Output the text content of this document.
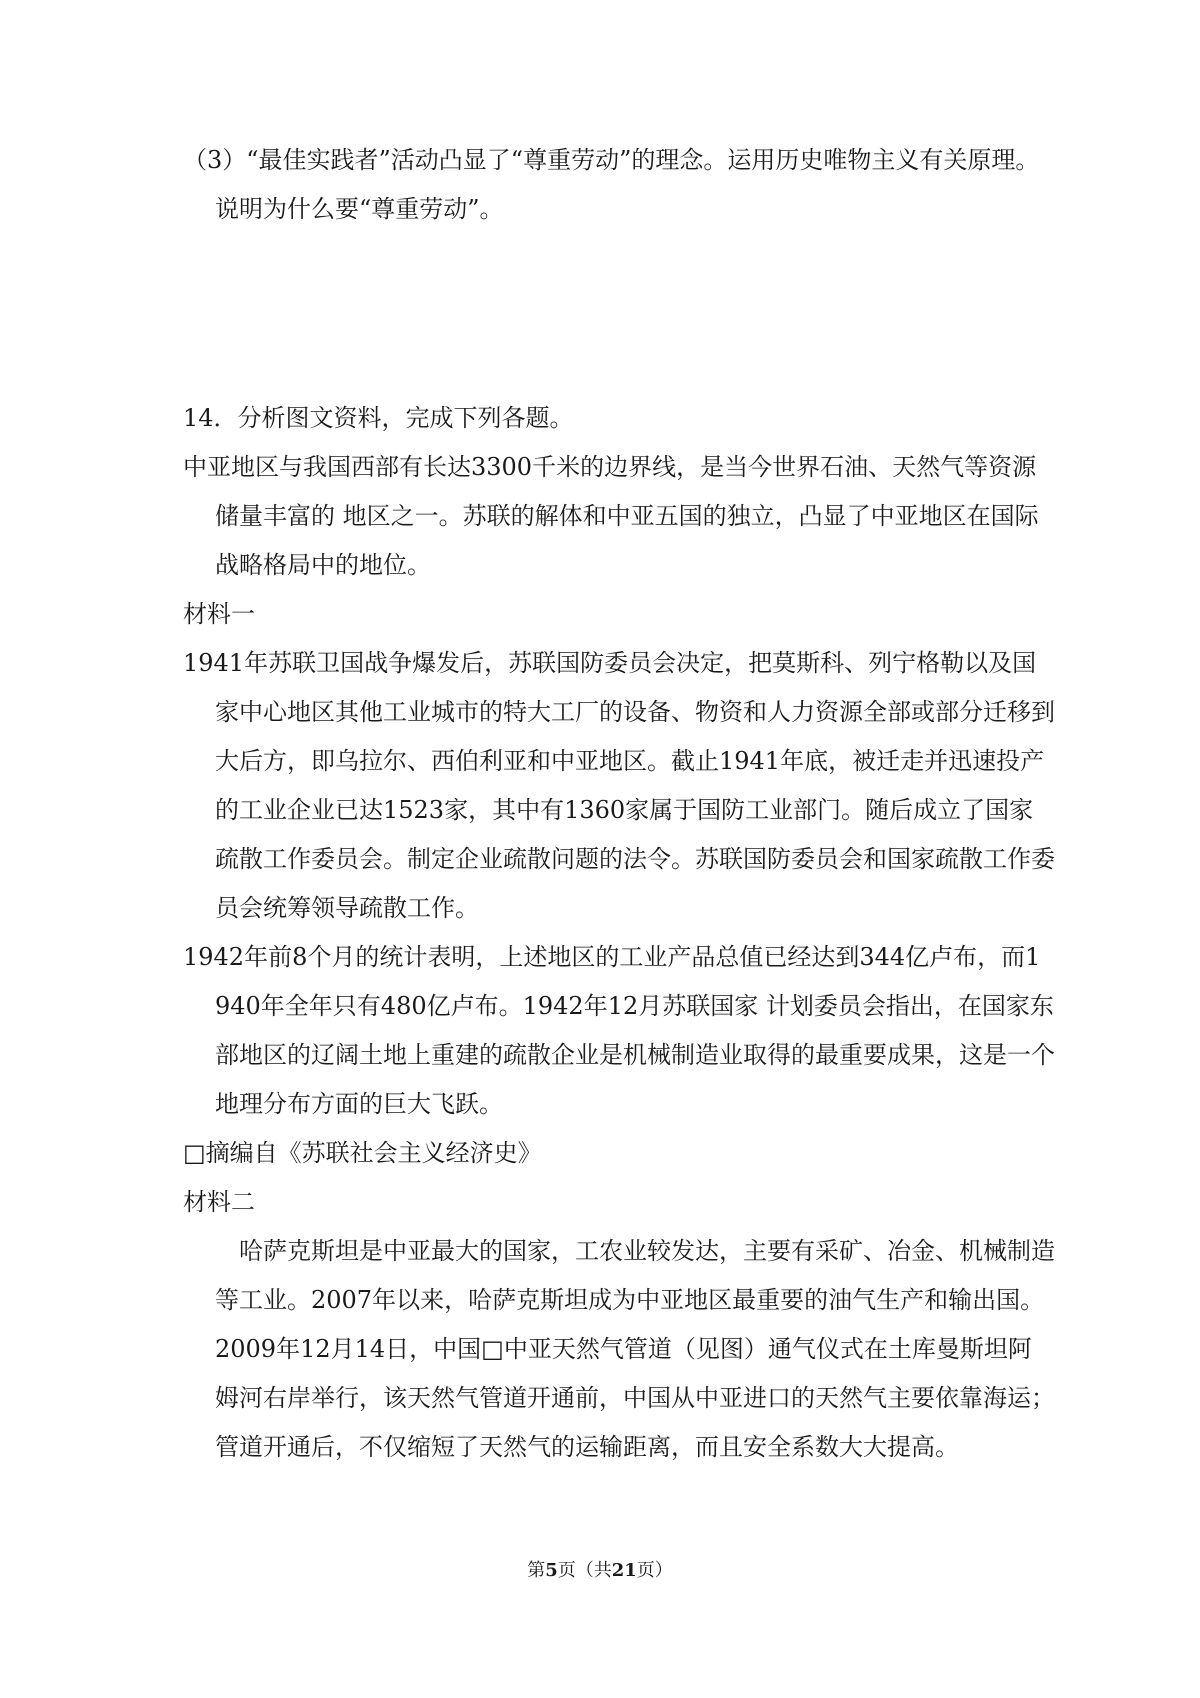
（3）“最佳实践者”活动凸显了“尊重劳动”的理念。运用历史唯物主义有关原理。说明为什么要“尊重劳动”。

14．分析图文资料，完成下列各题。

中亚地区与我国西部有长达3300千米的边界线，是当今世界石油、天然气等资源储量丰富的 地区之一。苏联的解体和中亚五国的独立，凸显了中亚地区在国际战略格局中的地位。

材料一

1941年苏联卫国战争爆发后，苏联国防委员会决定，把莫斯科、列宁格勒以及国家中心地区其他工业城市的特大工厂的设备、物资和人力资源全部或部分迁移到大后方，即乌拉尔、西伯利亚和中亚地区。截止1941年底，被迁走并迅速投产的工业企业已达1523家，其中有1360家属于国防工业部门。随后成立了国家疏散工作委员会。制定企业疏散问题的法令。苏联国防委员会和国家疏散工作委员会统筹领导疏散工作。

1942年前8个月的统计表明，上述地区的工业产品总值已经达到344亿卢布，而1940年全年只有480亿卢布。1942年12月苏联国家 计划委员会指出，在国家东部地区的辽阔土地上重建的疏散企业是机械制造业取得的最重要成果，这是一个地理分布方面的巨大飞跃。

□摘编自《苏联社会主义经济史》

材料二

哈萨克斯坦是中亚最大的国家，工农业较发达，主要有采矿、冶金、机械制造等工业。2007年以来，哈萨克斯坦成为中亚地区最重要的油气生产和输出国。2009年12月14日，中国□中亚天然气管道（见图）通气仪式在土库曼斯坦阿姆河右岸举行，该天然气管道开通前，中国从中亚进口的天然气主要依靠海运；管道开通后，不仅缩短了天然气的运输距离，而且安全系数大大提高。

第5页（共21页）
